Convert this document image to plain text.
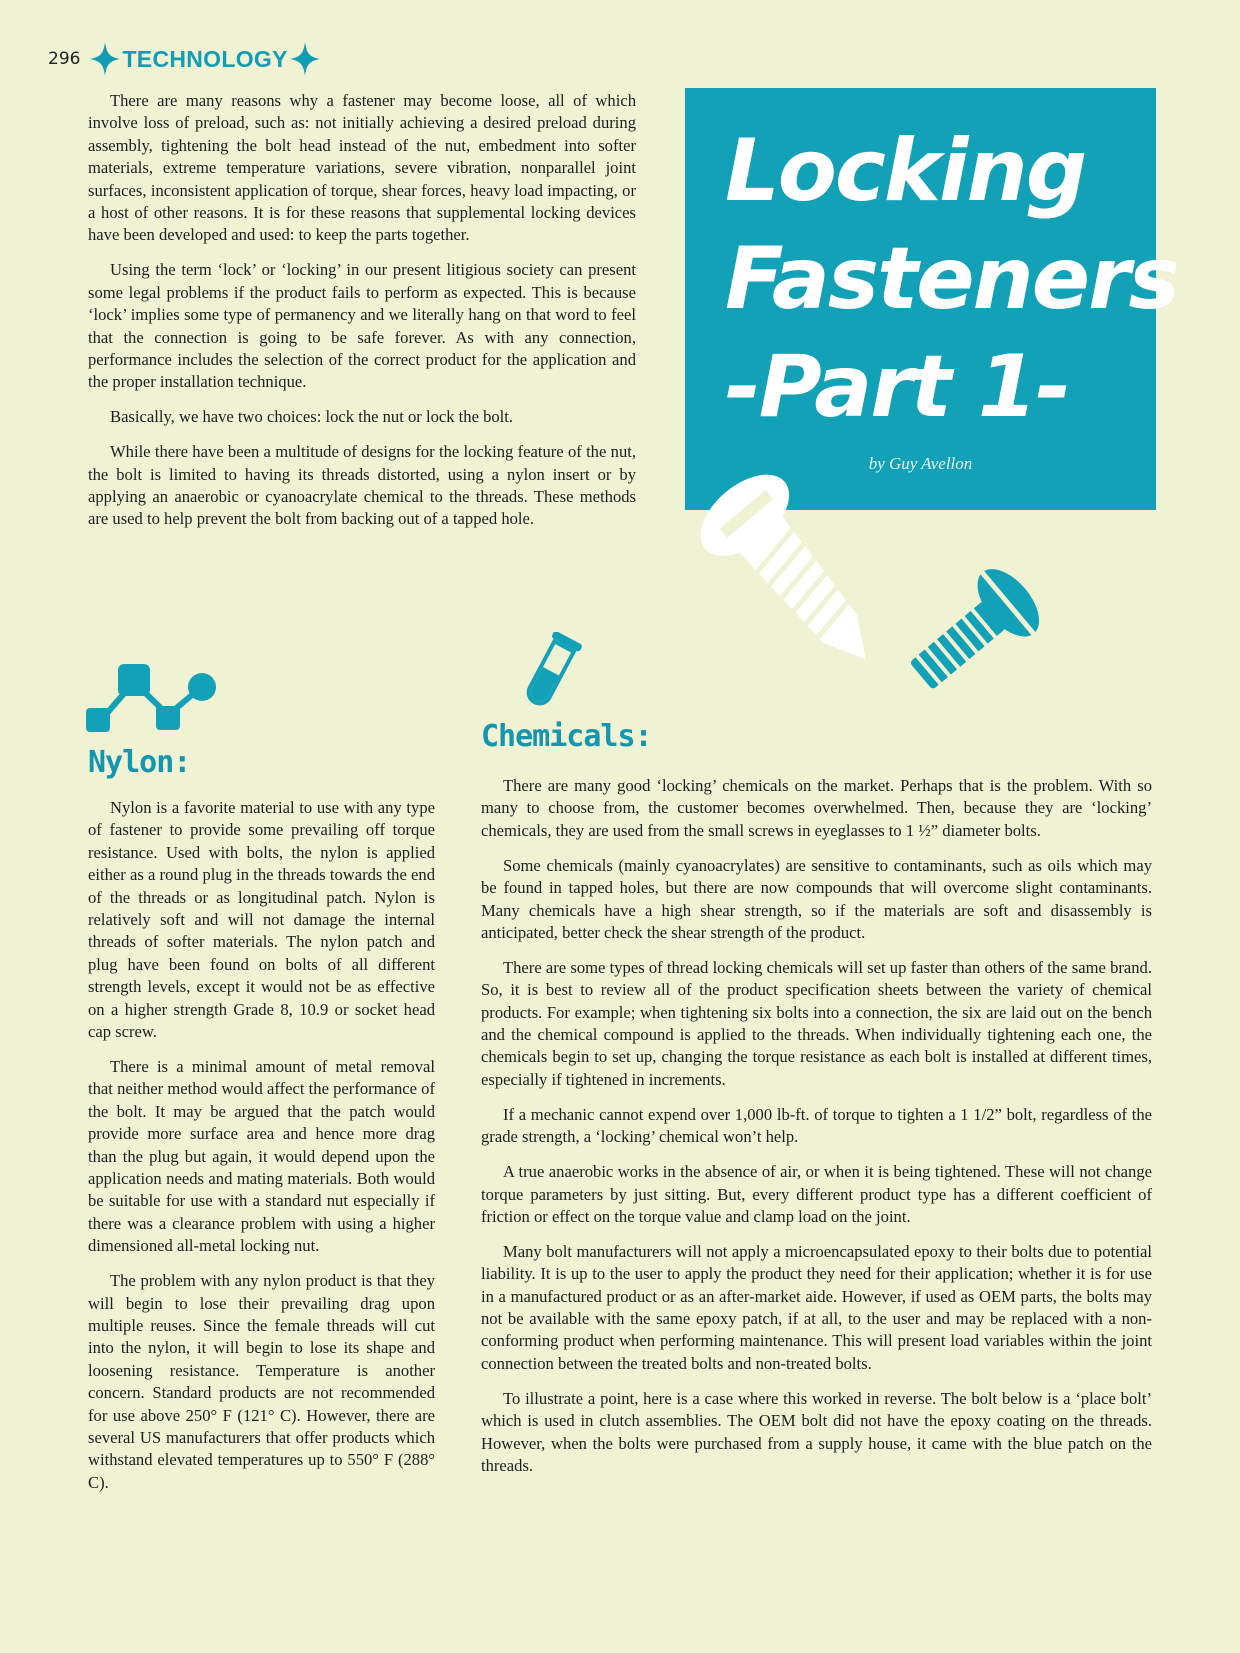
296 TECHNOLOGY

There are many reasons why a fastener may become loose, all of which involve loss of preload, such as: not initially achieving a desired preload during assembly, tightening the bolt head instead of the nut, embedment into softer materials, extreme temperature variations, severe vibration, nonparallel joint surfaces, inconsistent application of torque, shear forces, heavy load impacting, or a host of other reasons. It is for these reasons that supplemental locking devices have been developed and used: to keep the parts together.

Using the term ‘lock’ or ‘locking’ in our present litigious society can present some legal problems if the product fails to perform as expected. This is because ‘lock’ implies some type of permanency and we literally hang on that word to feel that the connection is going to be safe forever. As with any connection, performance includes the selection of the correct product for the application and the proper installation technique.

Basically, we have two choices: lock the nut or lock the bolt.

While there have been a multitude of designs for the locking feature of the nut, the bolt is limited to having its threads distorted, using a nylon insert or by applying an anaerobic or cyanoacrylate chemical to the threads. These methods are used to help prevent the bolt from backing out of a tapped hole.

Locking
Fasteners
-Part 1-
by Guy Avellon
Nylon:
Chemicals:

Nylon is a favorite material to use with any type of fastener to provide some prevailing off torque resistance. Used with bolts, the nylon is applied either as a round plug in the threads towards the end of the threads or as longitudinal patch. Nylon is relatively soft and will not damage the internal threads of softer materials. The nylon patch and plug have been found on bolts of all different strength levels, except it would not be as effective on a higher strength Grade 8, 10.9 or socket head cap screw.

There is a minimal amount of metal removal that neither method would affect the performance of the bolt. It may be argued that the patch would provide more surface area and hence more drag than the plug but again, it would depend upon the application needs and mating materials. Both would be suitable for use with a standard nut especially if there was a clearance problem with using a higher dimensioned all-metal locking nut.

The problem with any nylon product is that they will begin to lose their prevailing drag upon multiple reuses. Since the female threads will cut into the nylon, it will begin to lose its shape and loosening resistance. Temperature is another concern. Standard products are not recommended for use above 250° F (121° C). However, there are several US manufacturers that offer products which withstand elevated temperatures up to 550° F (288° C).

There are many good ‘locking’ chemicals on the market. Perhaps that is the problem. With so many to choose from, the customer becomes overwhelmed. Then, because they are ‘locking’ chemicals, they are used from the small screws in eyeglasses to 1 ½” diameter bolts.

Some chemicals (mainly cyanoacrylates) are sensitive to contaminants, such as oils which may be found in tapped holes, but there are now compounds that will overcome slight contaminants. Many chemicals have a high shear strength, so if the materials are soft and disassembly is anticipated, better check the shear strength of the product.

There are some types of thread locking chemicals will set up faster than others of the same brand. So, it is best to review all of the product specification sheets between the variety of chemical products. For example; when tightening six bolts into a connection, the six are laid out on the bench and the chemical compound is applied to the threads. When individually tightening each one, the chemicals begin to set up, changing the torque resistance as each bolt is installed at different times, especially if tightened in increments.

If a mechanic cannot expend over 1,000 lb-ft. of torque to tighten a 1 1/2” bolt, regardless of the grade strength, a ‘locking’ chemical won’t help.

A true anaerobic works in the absence of air, or when it is being tightened. These will not change torque parameters by just sitting. But, every different product type has a different coefficient of friction or effect on the torque value and clamp load on the joint.

Many bolt manufacturers will not apply a microencapsulated epoxy to their bolts due to potential liability. It is up to the user to apply the product they need for their application; whether it is for use in a manufactured product or as an after-market aide. However, if used as OEM parts, the bolts may not be available with the same epoxy patch, if at all, to the user and may be replaced with a non-conforming product when performing maintenance. This will present load variables within the joint connection between the treated bolts and non-treated bolts.

To illustrate a point, here is a case where this worked in reverse. The bolt below is a ‘place bolt’ which is used in clutch assemblies. The OEM bolt did not have the epoxy coating on the threads. However, when the bolts were purchased from a supply house, it came with the blue patch on the threads.
